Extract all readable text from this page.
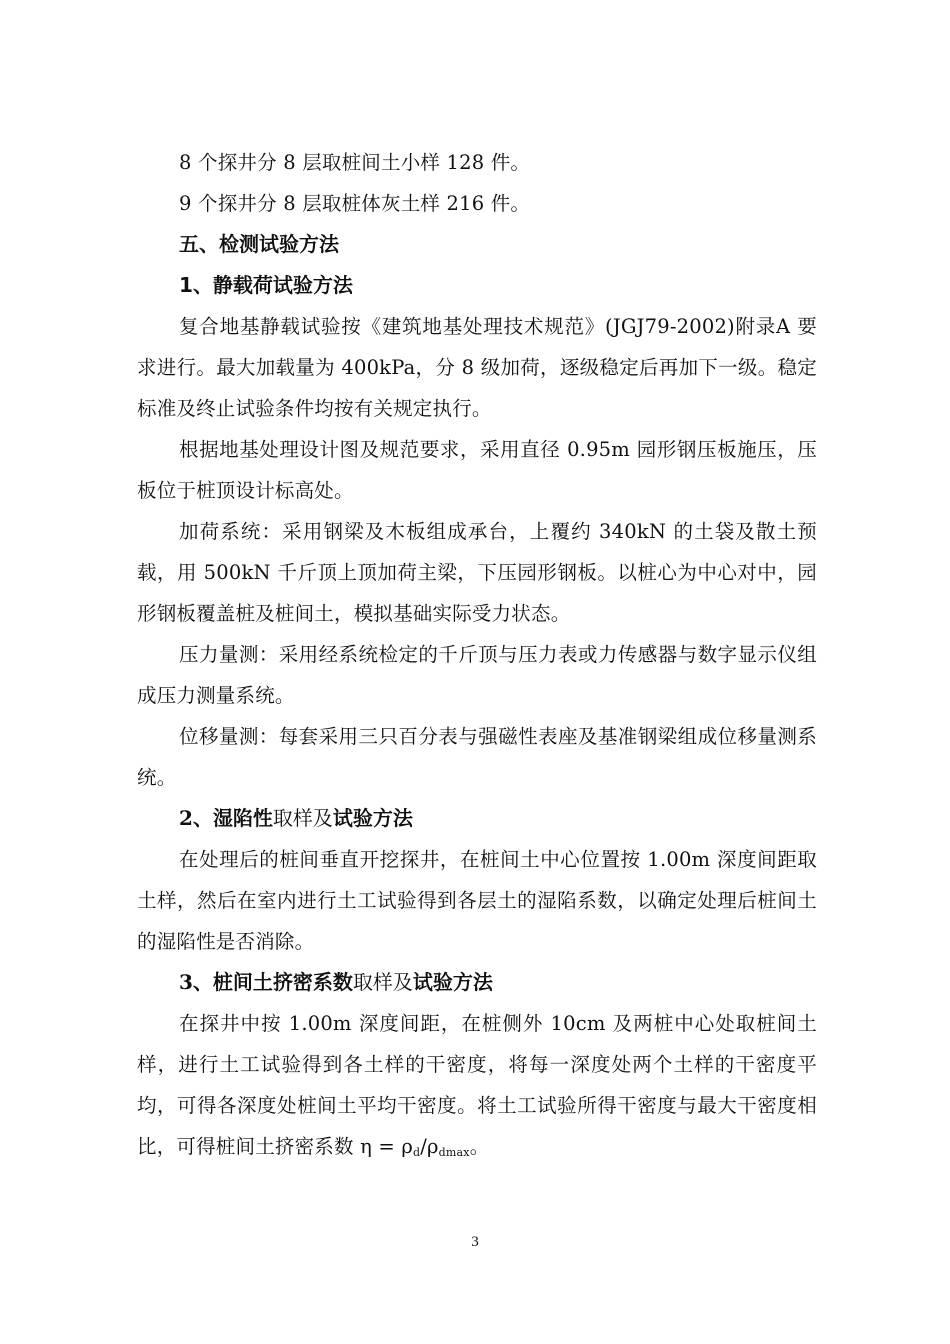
8 个探井分 8 层取桩间土小样 128 件。

9 个探井分 8 层取桩体灰土样 216 件。

五、检测试验方法

1、静载荷试验方法

复合地基静载试验按《建筑地基处理技术规范》(JGJ79-2002)附录A 要求进行。最大加载量为 400kPa，分 8 级加荷，逐级稳定后再加下一级。稳定标准及终止试验条件均按有关规定执行。

根据地基处理设计图及规范要求，采用直径 0.95m 园形钢压板施压，压板位于桩顶设计标高处。

加荷系统：采用钢梁及木板组成承台，上覆约 340kN 的土袋及散土预载，用 500kN 千斤顶上顶加荷主梁，下压园形钢板。以桩心为中心对中，园形钢板覆盖桩及桩间土，模拟基础实际受力状态。

压力量测：采用经系统检定的千斤顶与压力表或力传感器与数字显示仪组成压力测量系统。

位移量测：每套采用三只百分表与强磁性表座及基准钢梁组成位移量测系统。

2、湿陷性取样及试验方法

在处理后的桩间垂直开挖探井，在桩间土中心位置按 1.00m 深度间距取土样，然后在室内进行土工试验得到各层土的湿陷系数，以确定处理后桩间土的湿陷性是否消除。

3、桩间土挤密系数取样及试验方法

在探井中按 1.00m 深度间距，在桩侧外 10cm 及两桩中心处取桩间土样，进行土工试验得到各土样的干密度，将每一深度处两个土样的干密度平均，可得各深度处桩间土平均干密度。将土工试验所得干密度与最大干密度相比，可得桩间土挤密系数 $\eta = \rho_d/\rho_{dmax}$。

3
